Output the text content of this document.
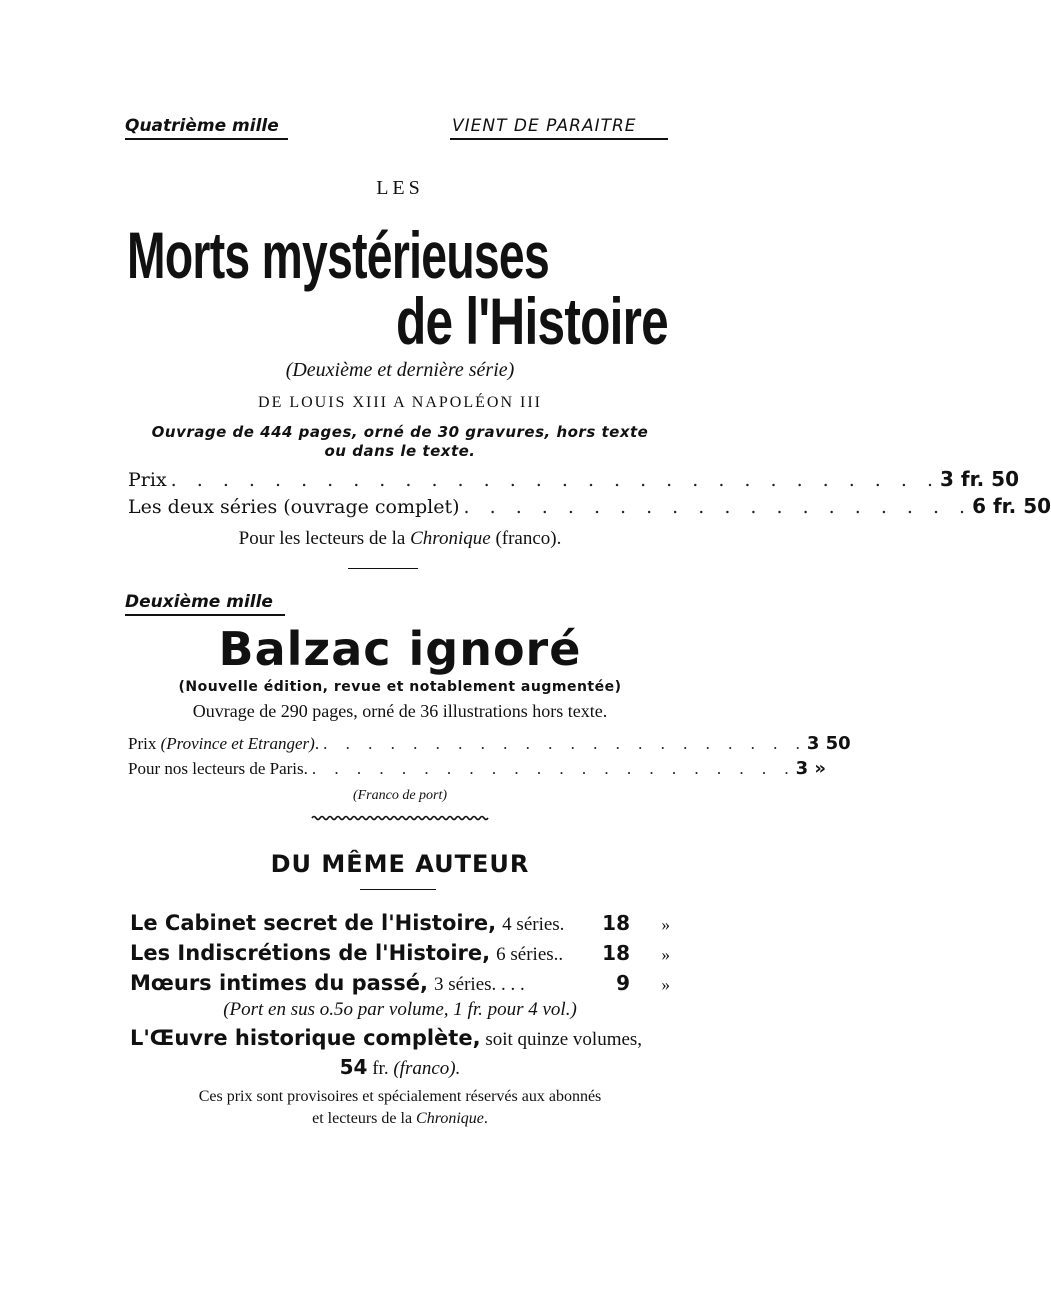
Quatrième mille	VIENT DE PARAITRE
LES
Morts mystérieuses
de l'Histoire
(Deuxième et dernière série)
DE LOUIS XIII A NAPOLÉON III
Ouvrage de 444 pages, orné de 30 gravures, hors texte
ou dans le texte.
Prix . . . . . . . . . . . . . . . . . . . . . . . . . . . . . . 3 fr. 50
Les deux séries (ouvrage complet) . . . . . . . . . . . . . . . . . . . . 6 fr. 50
Pour les lecteurs de la Chronique (franco).
Deuxième mille
Balzac ignoré
(Nouvelle édition, revue et notablement augmentée)
Ouvrage de 290 pages, orné de 36 illustrations hors texte.
Prix (Province et Etranger). . . . . . . . . . . . . . . . . . . . . . . 3 50
Pour nos lecteurs de Paris. . . . . . . . . . . . . . . . . . . . . . . 3 »
(Franco de port)
DU MÊME AUTEUR
Le Cabinet secret de l'Histoire, 4 séries.	18	»
Les Indiscrétions de l'Histoire, 6 séries..	18	»
Mœurs intimes du passé, 3 séries. . . .	9	»
(Port en sus o.5o par volume, 1 fr. pour 4 vol.)
L'Œuvre historique complète, soit quinze volumes,
54 fr. (franco).
Ces prix sont provisoires et spécialement réservés aux abonnés
et lecteurs de la Chronique.
